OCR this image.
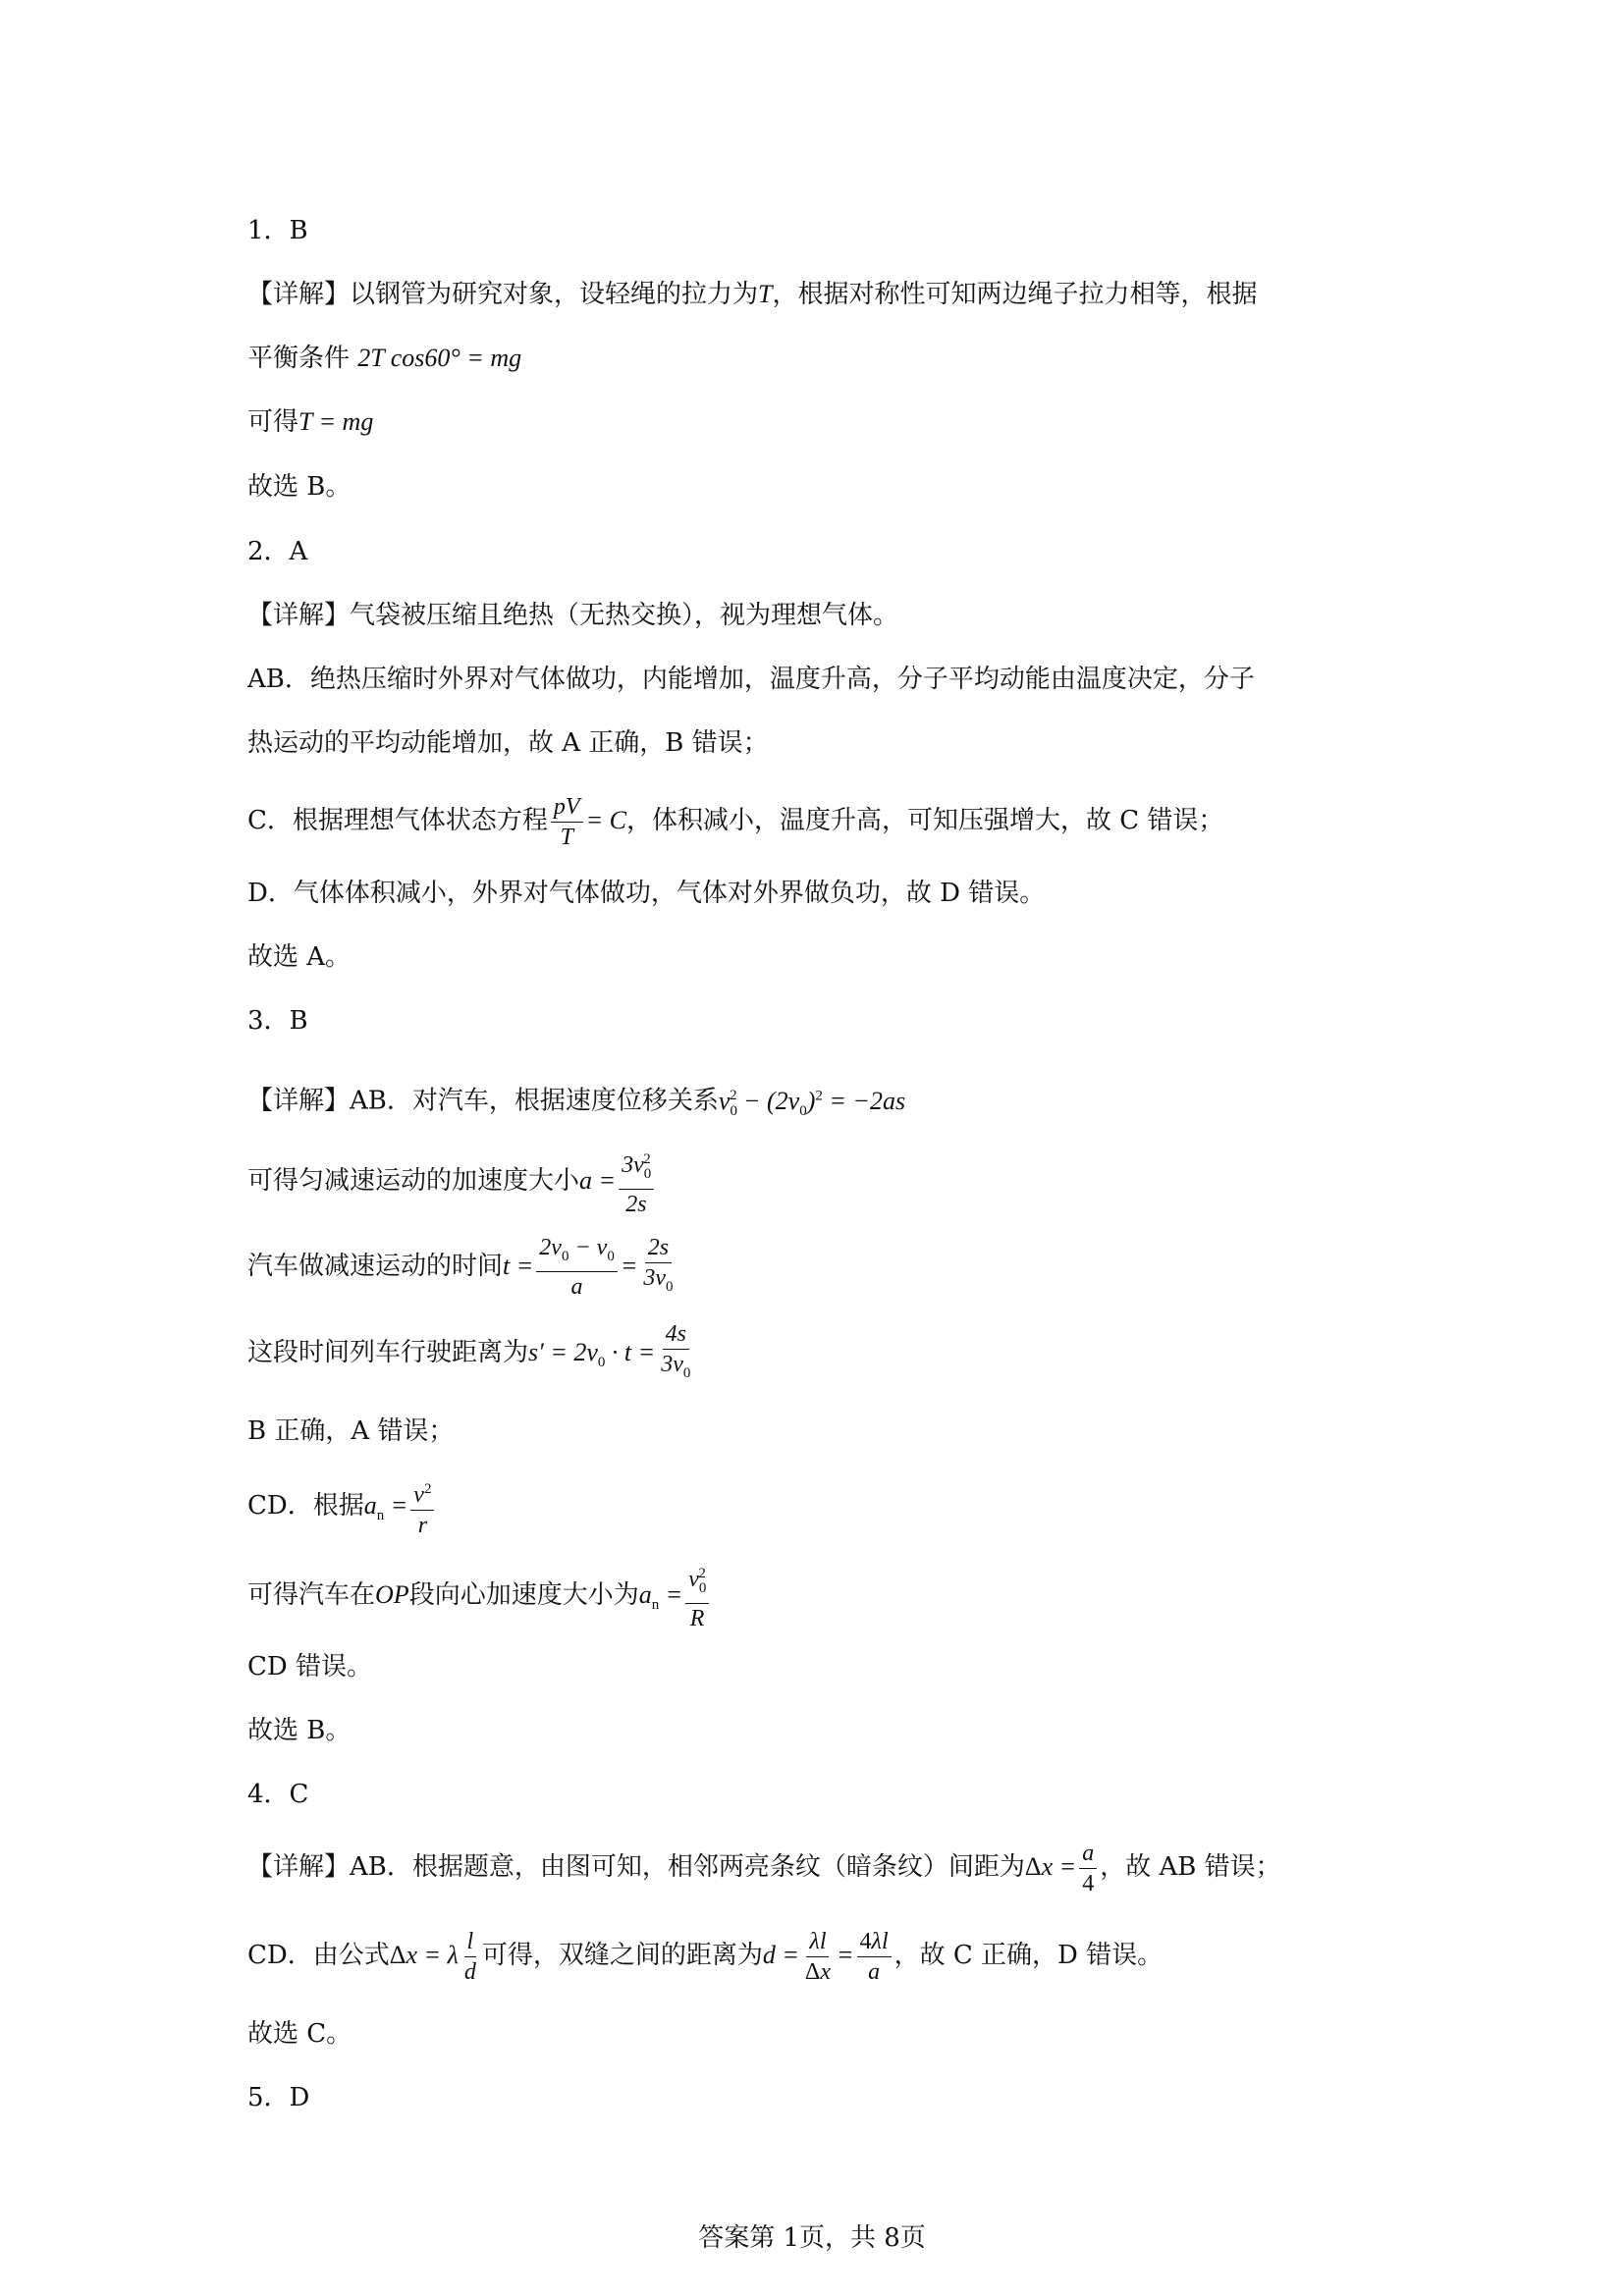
1．B
【详解】以钢管为研究对象，设轻绳的拉力为T，根据对称性可知两边绳子拉力相等，根据
平衡条件 2T cos60° = mg
可得T = mg
故选 B。
2．A
【详解】气袋被压缩且绝热（无热交换），视为理想气体。
AB．绝热压缩时外界对气体做功，内能增加，温度升高，分子平均动能由温度决定，分子
热运动的平均动能增加，故 A 正确，B 错误；
C．根据理想气体状态方程 $\frac{pV}{T} = C$，体积减小，温度升高，可知压强增大，故 C 错误；
D．气体体积减小，外界对气体做功，气体对外界做负功，故 D 错误。
故选 A。
3．B
【详解】AB．对汽车，根据速度位移关系$v_0^2 - (2v_0)^2 = -2as$
可得匀减速运动的加速度大小$a = \frac{3v_0^2}{2s}$
汽车做减速运动的时间$t = \frac{2v_0 - v_0}{a} = \frac{2s}{3v_0}$
这段时间列车行驶距离为$s' = 2v_0 \cdot t = \frac{4s}{3v_0}$
B 正确，A 错误；
CD．根据$a_n = \frac{v^2}{r}$
可得汽车在OP段向心加速度大小为$a_n = \frac{v_0^2}{R}$
CD 错误。
故选 B。
4．C
【详解】AB．根据题意，由图可知，相邻两亮条纹（暗条纹）间距为$\Delta x = \frac{a}{4}$ ，故 AB 错误；
CD．由公式Δx = λ $\frac{l}{d}$ 可得，双缝之间的距离为$d = \frac{\lambda l}{\Delta x} = \frac{4\lambda l}{a}$ ，故 C 正确，D 错误。
故选 C。
5．D
答案第 1页，共 8页
